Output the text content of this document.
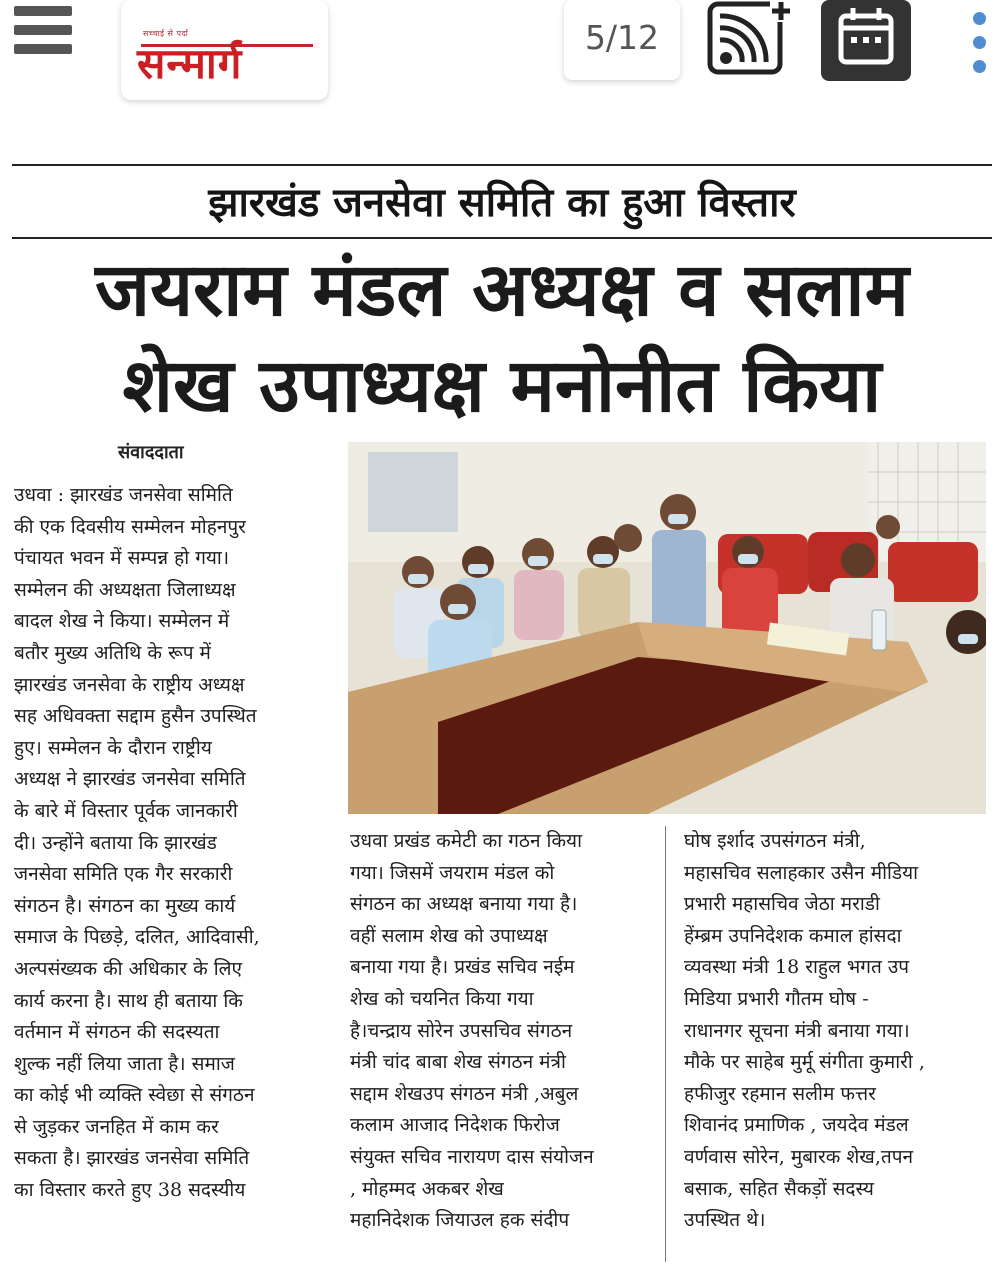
सच्चाई से पर्दा
सन्मार्ग
5/12
झारखंड जनसेवा समिति का हुआ विस्तार
जयराम मंडल अध्यक्ष व सलाम
शेख उपाध्यक्ष मनोनीत किया
संवाददाता
उधवा : झारखंड जनसेवा समिति
की एक दिवसीय सम्मेलन मोहनपुर
पंचायत भवन में सम्पन्न हो गया।
सम्मेलन की अध्यक्षता जिलाध्यक्ष
बादल शेख ने किया। सम्मेलन में
बतौर मुख्य अतिथि के रूप में
झारखंड जनसेवा के राष्ट्रीय अध्यक्ष
सह अधिवक्ता सद्दाम हुसैन उपस्थित
हुए। सम्मेलन के दौरान राष्ट्रीय
अध्यक्ष ने झारखंड जनसेवा समिति
के बारे में विस्तार पूर्वक जानकारी
दी। उन्होंने बताया कि झारखंड
जनसेवा समिति एक गैर सरकारी
संगठन है। संगठन का मुख्य कार्य
समाज के पिछड़े, दलित, आदिवासी,
अल्पसंख्यक की अधिकार के लिए
कार्य करना है। साथ ही बताया कि
वर्तमान में संगठन की सदस्यता
शुल्क नहीं लिया जाता है। समाज
का कोई भी व्यक्ति स्वेछा से संगठन
से जुड़कर जनहित में काम कर
सकता है। झारखंड जनसेवा समिति
का विस्तार करते हुए 38 सदस्यीय
उधवा प्रखंड कमेटी का गठन किया
गया। जिसमें जयराम मंडल को
संगठन का अध्यक्ष बनाया गया है।
वहीं सलाम शेख को उपाध्यक्ष
बनाया गया है। प्रखंड सचिव नईम
शेख को चयनित किया गया
है।चन्द्राय सोरेन उपसचिव संगठन
मंत्री चांद बाबा शेख संगठन मंत्री
सद्दाम शेखउप संगठन मंत्री ,अबुल
कलाम आजाद निदेशक फिरोज
संयुक्त सचिव नारायण दास संयोजन
, मोहम्मद अकबर शेख
महानिदेशक जियाउल हक संदीप
घोष इर्शाद उपसंगठन मंत्री,
महासचिव सलाहकार उसैन मीडिया
प्रभारी महासचिव जेठा मराडी
हेंम्ब्रम उपनिदेशक कमाल हांसदा
व्यवस्था मंत्री 18 राहुल भगत उप
मिडिया प्रभारी गौतम घोष -
राधानगर सूचना मंत्री बनाया गया।
मौके पर साहेब मुर्मू संगीता कुमारी ,
हफीजुर रहमान सलीम फत्तर
शिवानंद प्रमाणिक , जयदेव मंडल
वर्णवास सोरेन, मुबारक शेख,तपन
बसाक, सहित सैकड़ों सदस्य
उपस्थित थे।
